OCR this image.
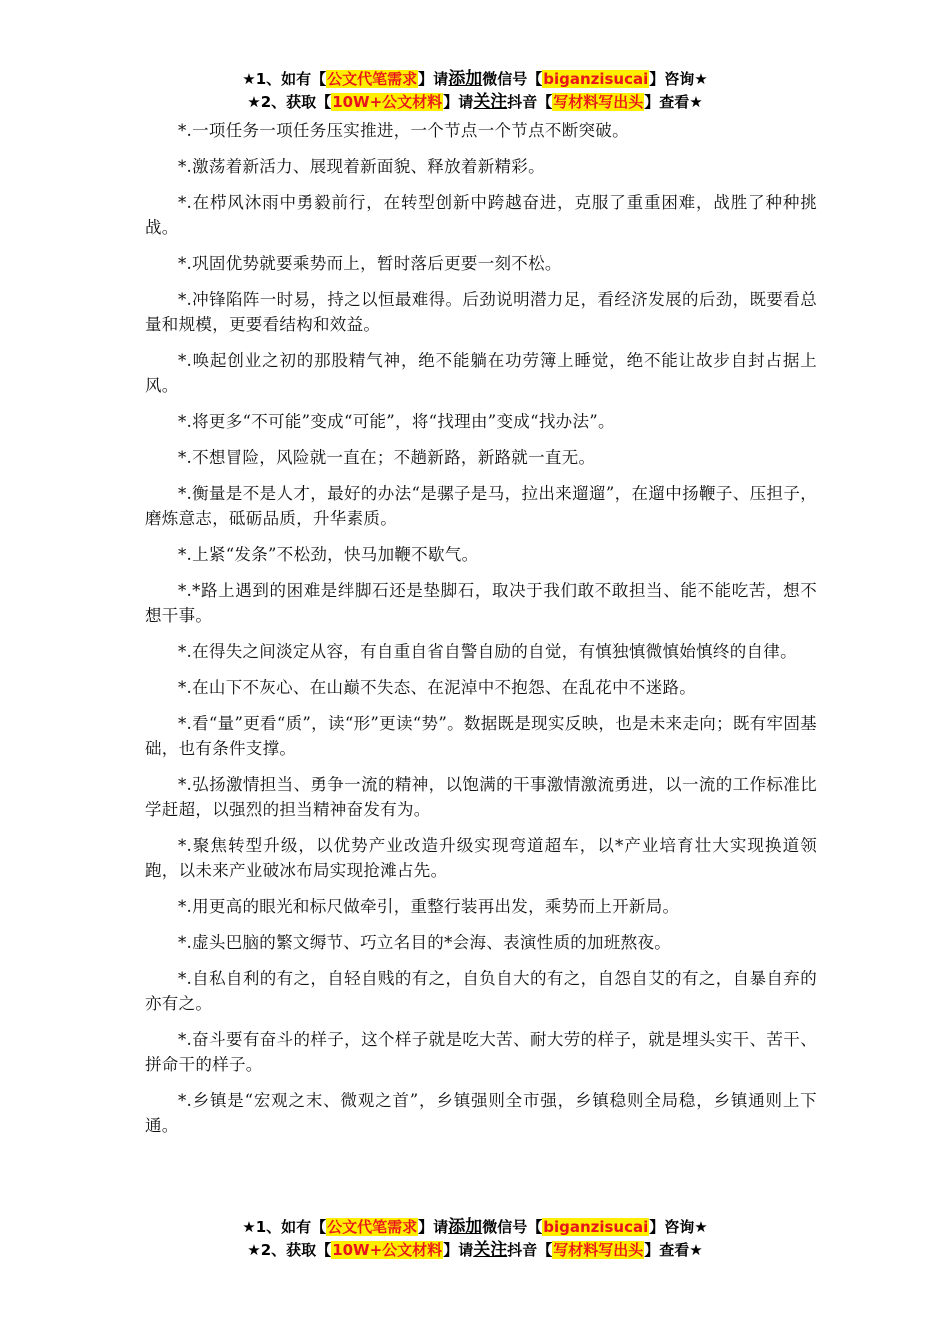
★1、如有【公文代笔需求】请添加微信号【biganzisucai】咨询★
★2、获取【10W+公文材料】请关注抖音【写材料写出头】查看★

*.一项任务一项任务压实推进，一个节点一个节点不断突破。

*.激荡着新活力、展现着新面貌、释放着新精彩。

*.在栉风沐雨中勇毅前行，在转型创新中跨越奋进，克服了重重困难，战胜了种种挑战。

*.巩固优势就要乘势而上，暂时落后更要一刻不松。

*.冲锋陷阵一时易，持之以恒最难得。后劲说明潜力足，看经济发展的后劲，既要看总量和规模，更要看结构和效益。

*.唤起创业之初的那股精气神，绝不能躺在功劳簿上睡觉，绝不能让故步自封占据上风。

*.将更多“不可能”变成“可能”，将“找理由”变成“找办法”。

*.不想冒险，风险就一直在；不趟新路，新路就一直无。

*.衡量是不是人才，最好的办法“是骡子是马，拉出来遛遛”，在遛中扬鞭子、压担子，磨炼意志，砥砺品质，升华素质。

*.上紧“发条”不松劲，快马加鞭不歇气。

*.*路上遇到的困难是绊脚石还是垫脚石，取决于我们敢不敢担当、能不能吃苦，想不想干事。

*.在得失之间淡定从容，有自重自省自警自励的自觉，有慎独慎微慎始慎终的自律。

*.在山下不灰心、在山巅不失态、在泥淖中不抱怨、在乱花中不迷路。

*.看“量”更看“质”，读“形”更读“势”。数据既是现实反映，也是未来走向；既有牢固基础，也有条件支撑。

*.弘扬激情担当、勇争一流的精神，以饱满的干事激情激流勇进，以一流的工作标准比学赶超，以强烈的担当精神奋发有为。

*.聚焦转型升级，以优势产业改造升级实现弯道超车，以*产业培育壮大实现换道领跑，以未来产业破冰布局实现抢滩占先。

*.用更高的眼光和标尺做牵引，重整行装再出发，乘势而上开新局。

*.虚头巴脑的繁文缛节、巧立名目的*会海、表演性质的加班熬夜。

*.自私自利的有之，自轻自贱的有之，自负自大的有之，自怨自艾的有之，自暴自弃的亦有之。

*.奋斗要有奋斗的样子，这个样子就是吃大苦、耐大劳的样子，就是埋头实干、苦干、拼命干的样子。

*.乡镇是“宏观之末、微观之首”，乡镇强则全市强，乡镇稳则全局稳，乡镇通则上下通。

★1、如有【公文代笔需求】请添加微信号【biganzisucai】咨询★
★2、获取【10W+公文材料】请关注抖音【写材料写出头】查看★
